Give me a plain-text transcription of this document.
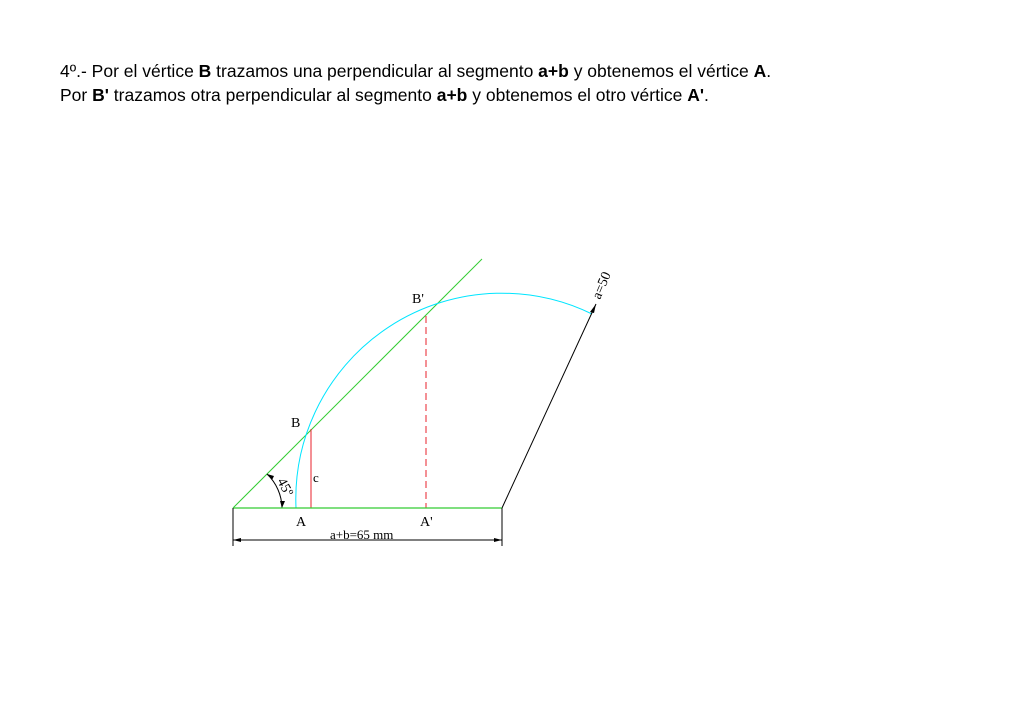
4º.- Por el vértice B trazamos una perpendicular al segmento a+b y obtenemos el vértice A.

Por B' trazamos otra perpendicular al segmento a+b y obtenemos el otro vértice A'.

B'
B
A	A'
c
45º
a=50
a+b=65 mm
